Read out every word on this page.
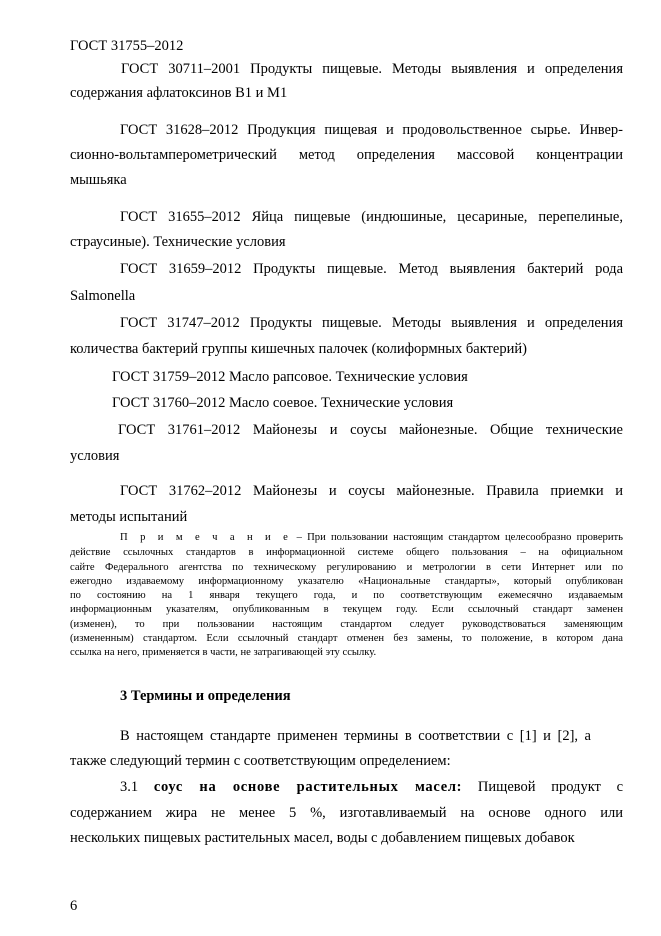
ГОСТ 31755–2012
ГОСТ 30711–2001 Продукты пищевые. Методы выявления и определения
содержания афлатоксинов В1 и М1
ГОСТ 31628–2012 Продукция пищевая и продовольственное сырье. Инвер-
сионно-вольтамперометрический метод определения массовой концентрации
мышьяка
ГОСТ 31655–2012 Яйца пищевые (индюшиные, цесариные, перепелиные,
страусиные). Технические условия
ГОСТ 31659–2012 Продукты пищевые. Метод выявления бактерий рода
Salmonella
ГОСТ 31747–2012 Продукты пищевые. Методы выявления и определения
количества бактерий группы кишечных палочек (колиформных бактерий)
ГОСТ 31759–2012 Масло рапсовое. Технические условия
ГОСТ 31760–2012 Масло соевое. Технические условия
ГОСТ 31761–2012 Майонезы и соусы майонезные. Общие технические
условия
ГОСТ 31762–2012 Майонезы и соусы майонезные. Правила приемки и
методы испытаний
П р и м е ч а н и е – При пользовании настоящим стандартом целесообразно проверить
действие ссылочных стандартов в информационной системе общего пользования – на официальном
сайте Федерального агентства по техническому регулированию и метрологии в сети Интернет или по
ежегодно издаваемому информационному указателю «Национальные стандарты», который опубликован
по состоянию на 1 января текущего года, и по соответствующим ежемесячно издаваемым
информационным указателям, опубликованным в текущем году. Если ссылочный стандарт заменен
(изменен), то при пользовании настоящим стандартом следует руководствоваться заменяющим
(измененным) стандартом. Если ссылочный стандарт отменен без замены, то положение, в котором дана
ссылка на него, применяется в части, не затрагивающей эту ссылку.
3 Термины и определения
В настоящем стандарте применен термины в соответствии с [1] и [2], а
также следующий термин с соответствующим определением:
3.1 соус на основе растительных масел: Пищевой продукт с
содержанием жира не менее 5 %, изготавливаемый на основе одного или
нескольких пищевых растительных масел, воды с добавлением пищевых добавок
6
